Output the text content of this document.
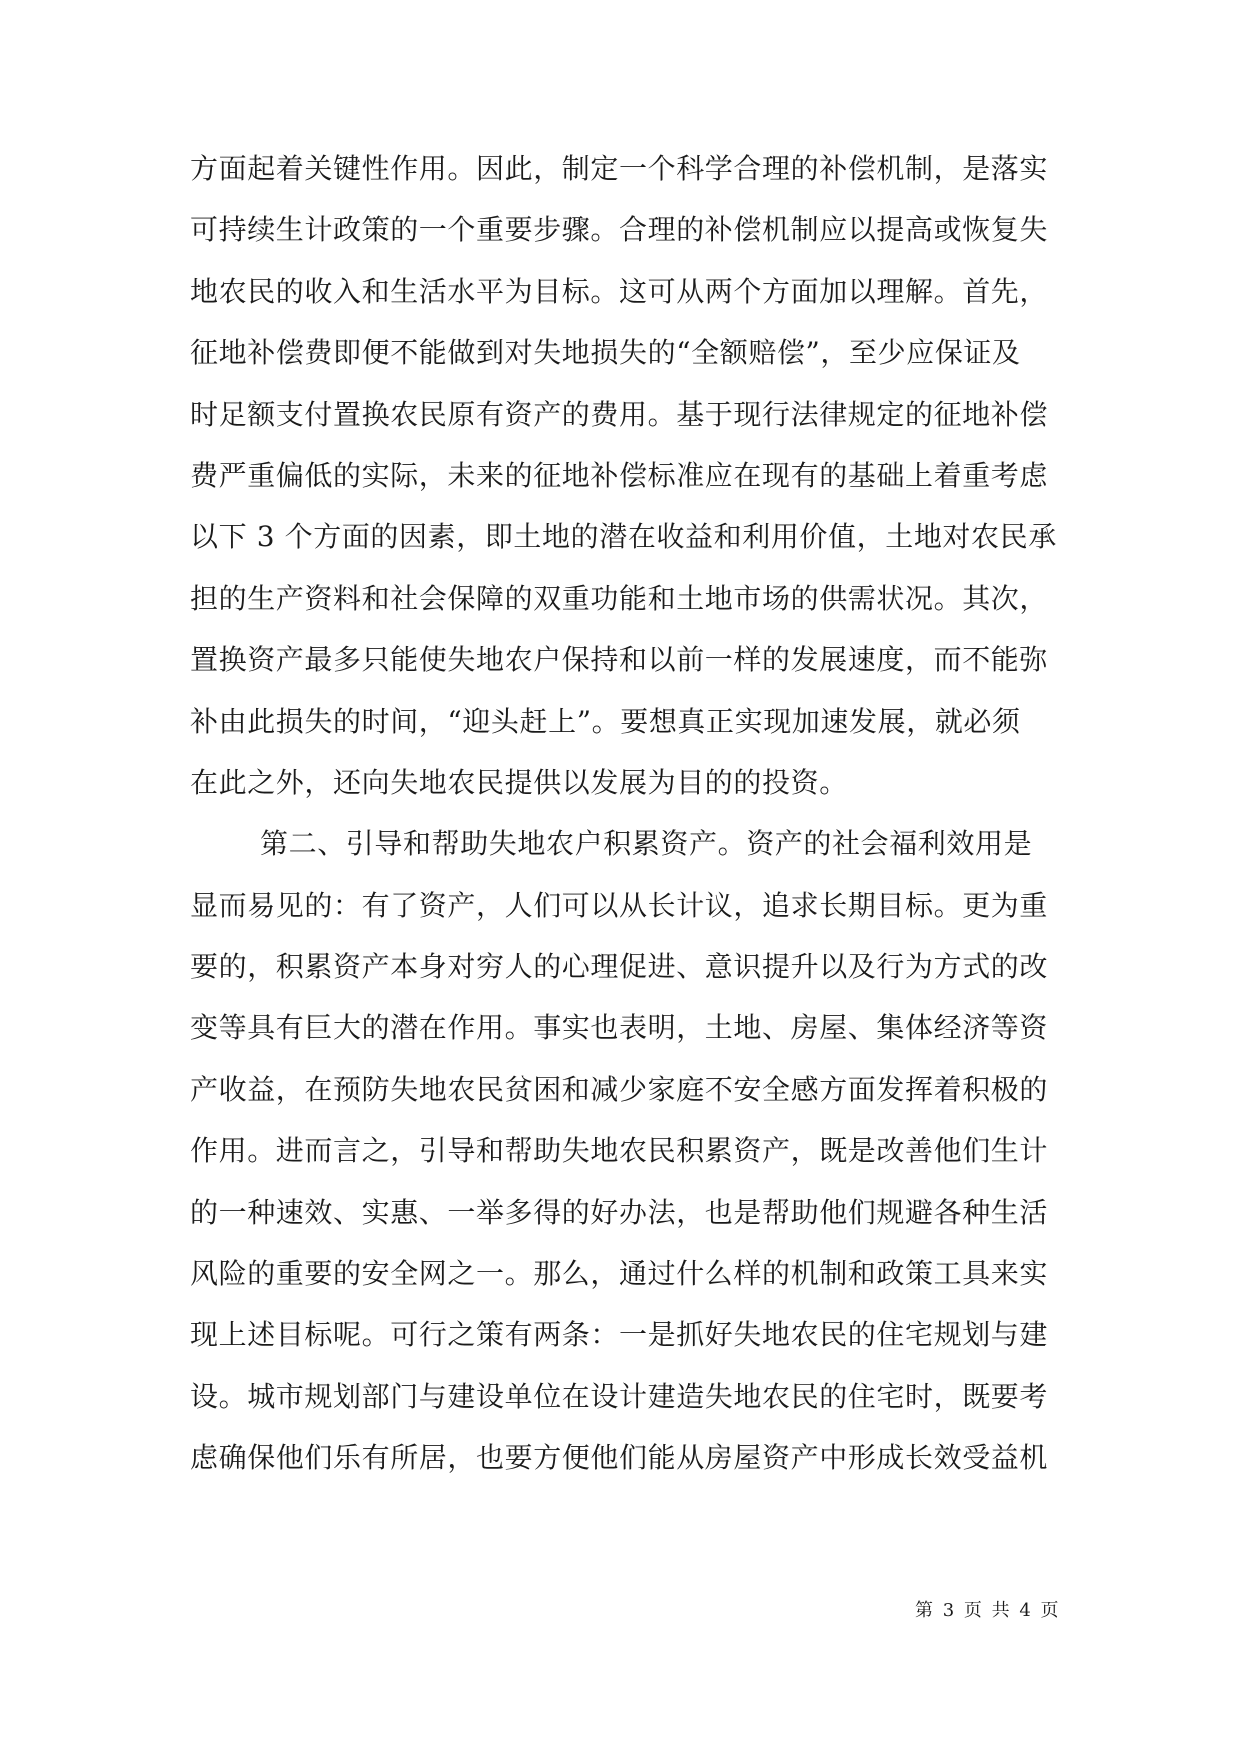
方面起着关键性作用。因此，制定一个科学合理的补偿机制，是落实
可持续生计政策的一个重要步骤。合理的补偿机制应以提高或恢复失
地农民的收入和生活水平为目标。这可从两个方面加以理解。首先，
征地补偿费即便不能做到对失地损失的“全额赔偿”，至少应保证及
时足额支付置换农民原有资产的费用。基于现行法律规定的征地补偿
费严重偏低的实际，未来的征地补偿标准应在现有的基础上着重考虑
以下 3 个方面的因素，即土地的潜在收益和利用价值，土地对农民承
担的生产资料和社会保障的双重功能和土地市场的供需状况。其次，
置换资产最多只能使失地农户保持和以前一样的发展速度，而不能弥
补由此损失的时间，“迎头赶上”。要想真正实现加速发展，就必须
在此之外，还向失地农民提供以发展为目的的投资。
第二、引导和帮助失地农户积累资产。资产的社会福利效用是
显而易见的：有了资产，人们可以从长计议，追求长期目标。更为重
要的，积累资产本身对穷人的心理促进、意识提升以及行为方式的改
变等具有巨大的潜在作用。事实也表明，土地、房屋、集体经济等资
产收益，在预防失地农民贫困和减少家庭不安全感方面发挥着积极的
作用。进而言之，引导和帮助失地农民积累资产，既是改善他们生计
的一种速效、实惠、一举多得的好办法，也是帮助他们规避各种生活
风险的重要的安全网之一。那么，通过什么样的机制和政策工具来实
现上述目标呢。可行之策有两条：一是抓好失地农民的住宅规划与建
设。城市规划部门与建设单位在设计建造失地农民的住宅时，既要考
虑确保他们乐有所居，也要方便他们能从房屋资产中形成长效受益机
第 3 页 共 4 页
